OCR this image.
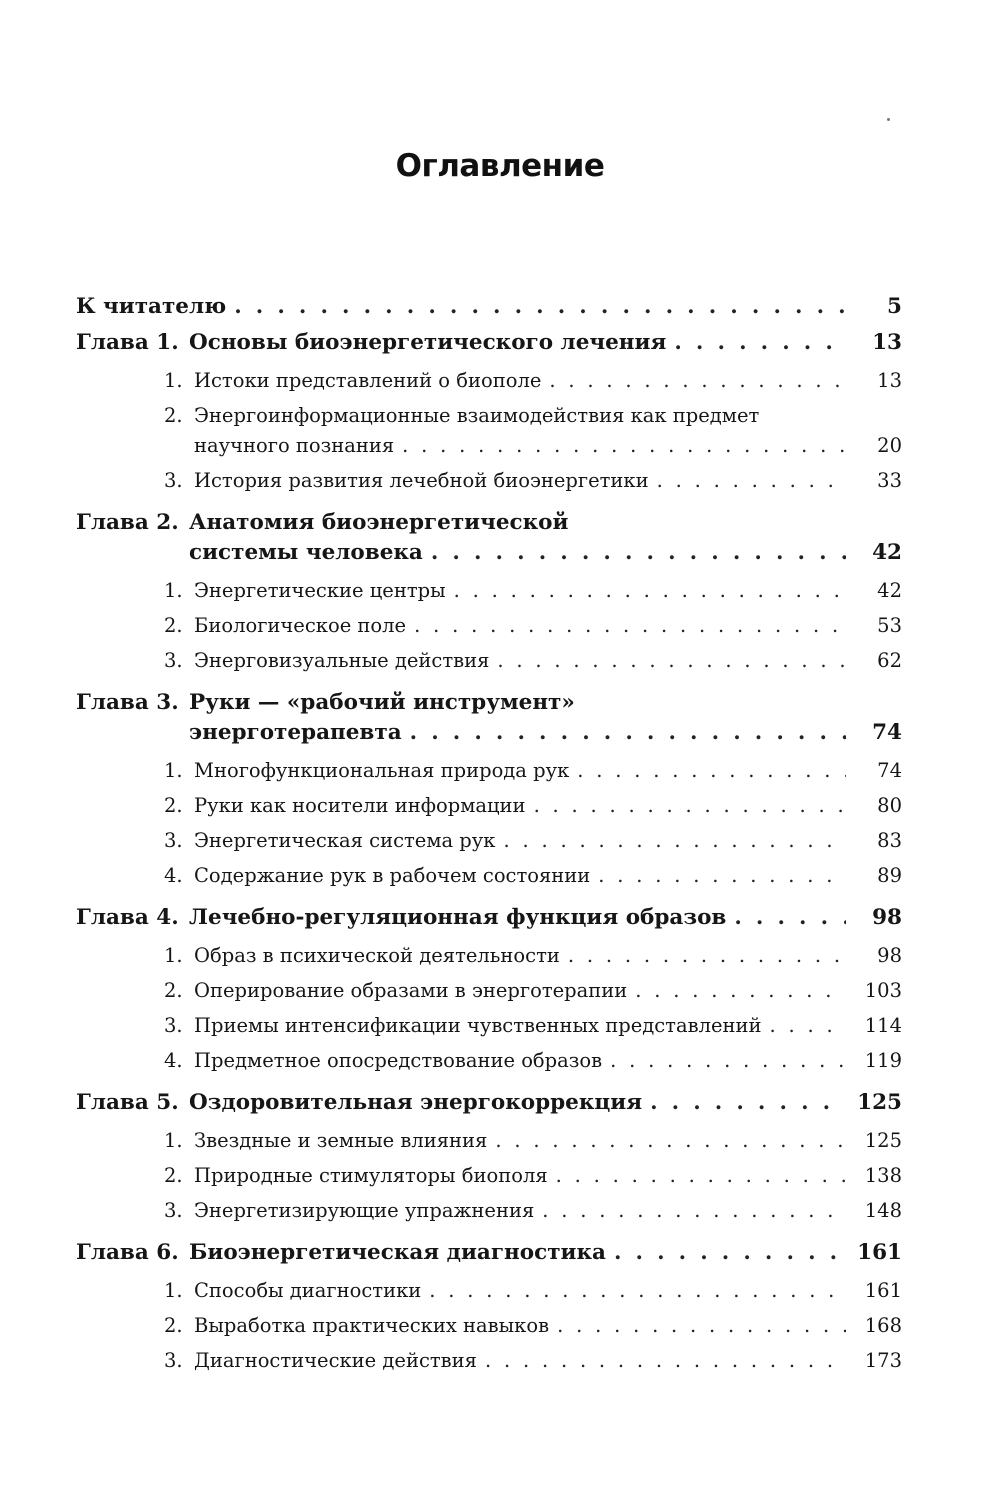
Оглавление
К читателю . . .	5
Глава 1. Основы биоэнергетического лечения . . .	13
1. Истоки представлений о биополе . . .	13
2. Энергоинформационные взаимодействия как предмет
научного познания . . .	20
3. История развития лечебной биоэнергетики . . .	33
Глава 2. Анатомия биоэнергетической
системы человека . . .	42
1. Энергетические центры . . .	42
2. Биологическое поле . . .	53
3. Энерговизуальные действия . . .	62
Глава 3. Руки — «рабочий инструмент»
энерготерапевта . . .	74
1. Многофункциональная природа рук . . .	74
2. Руки как носители информации . . .	80
3. Энергетическая система рук . . .	83
4. Содержание рук в рабочем состоянии . . .	89
Глава 4. Лечебно-регуляционная функция образов . . .	98
1. Образ в психической деятельности . . .	98
2. Оперирование образами в энерготерапии . . .	103
3. Приемы интенсификации чувственных представлений . . .	114
4. Предметное опосредствование образов . . .	119
Глава 5. Оздоровительная энергокоррекция . . .	125
1. Звездные и земные влияния . . .	125
2. Природные стимуляторы биополя . . .	138
3. Энергетизирующие упражнения . . .	148
Глава 6. Биоэнергетическая диагностика . . .	161
1. Способы диагностики . . .	161
2. Выработка практических навыков . . .	168
3. Диагностические действия . . .	173
